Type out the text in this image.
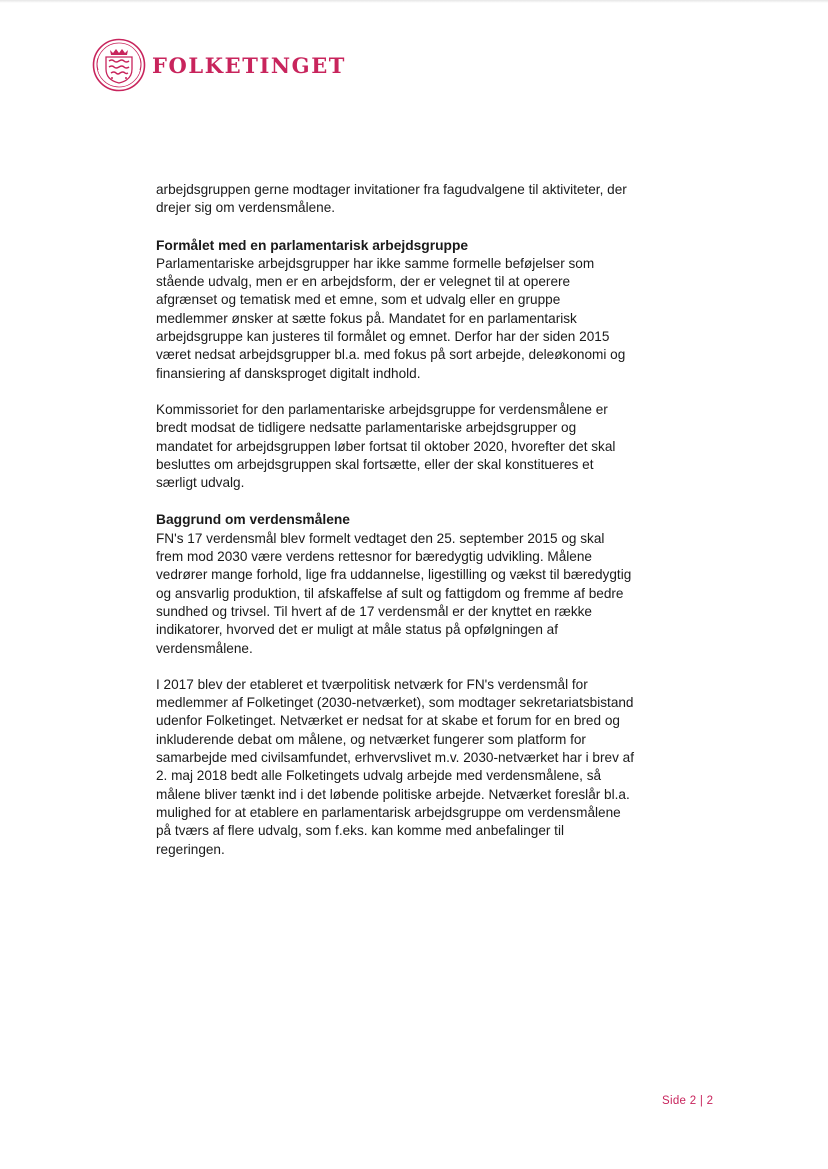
FOLKETINGET

arbejdsgruppen gerne modtager invitationer fra fagudvalgene til aktiviteter, der drejer sig om verdensmålene.

Formålet med en parlamentarisk arbejdsgruppe

Parlamentariske arbejdsgrupper har ikke samme formelle beføjelser som stående udvalg, men er en arbejdsform, der er velegnet til at operere afgrænset og tematisk med et emne, som et udvalg eller en gruppe medlemmer ønsker at sætte fokus på. Mandatet for en parlamentarisk arbejdsgruppe kan justeres til formålet og emnet. Derfor har der siden 2015 været nedsat arbejdsgrupper bl.a. med fokus på sort arbejde, deleøkonomi og finansiering af dansksproget digitalt indhold.

Kommissoriet for den parlamentariske arbejdsgruppe for verdensmålene er bredt modsat de tidligere nedsatte parlamentariske arbejdsgrupper og mandatet for arbejdsgruppen løber fortsat til oktober 2020, hvorefter det skal besluttes om arbejdsgruppen skal fortsætte, eller der skal konstitueres et særligt udvalg.

Baggrund om verdensmålene

FN's 17 verdensmål blev formelt vedtaget den 25. september 2015 og skal frem mod 2030 være verdens rettesnor for bæredygtig udvikling. Målene vedrører mange forhold, lige fra uddannelse, ligestilling og vækst til bæredygtig og ansvarlig produktion, til afskaffelse af sult og fattigdom og fremme af bedre sundhed og trivsel. Til hvert af de 17 verdensmål er der knyttet en række indikatorer, hvorved det er muligt at måle status på opfølgningen af verdensmålene.

I 2017 blev der etableret et tværpolitisk netværk for FN's verdensmål for medlemmer af Folketinget (2030-netværket), som modtager sekretariatsbistand udenfor Folketinget. Netværket er nedsat for at skabe et forum for en bred og inkluderende debat om målene, og netværket fungerer som platform for samarbejde med civilsamfundet, erhvervslivet m.v. 2030-netværket har i brev af 2. maj 2018 bedt alle Folketingets udvalg arbejde med verdensmålene, så målene bliver tænkt ind i det løbende politiske arbejde. Netværket foreslår bl.a. mulighed for at etablere en parlamentarisk arbejdsgruppe om verdensmålene på tværs af flere udvalg, som f.eks. kan komme med anbefalinger til regeringen.

Side 2 | 2
